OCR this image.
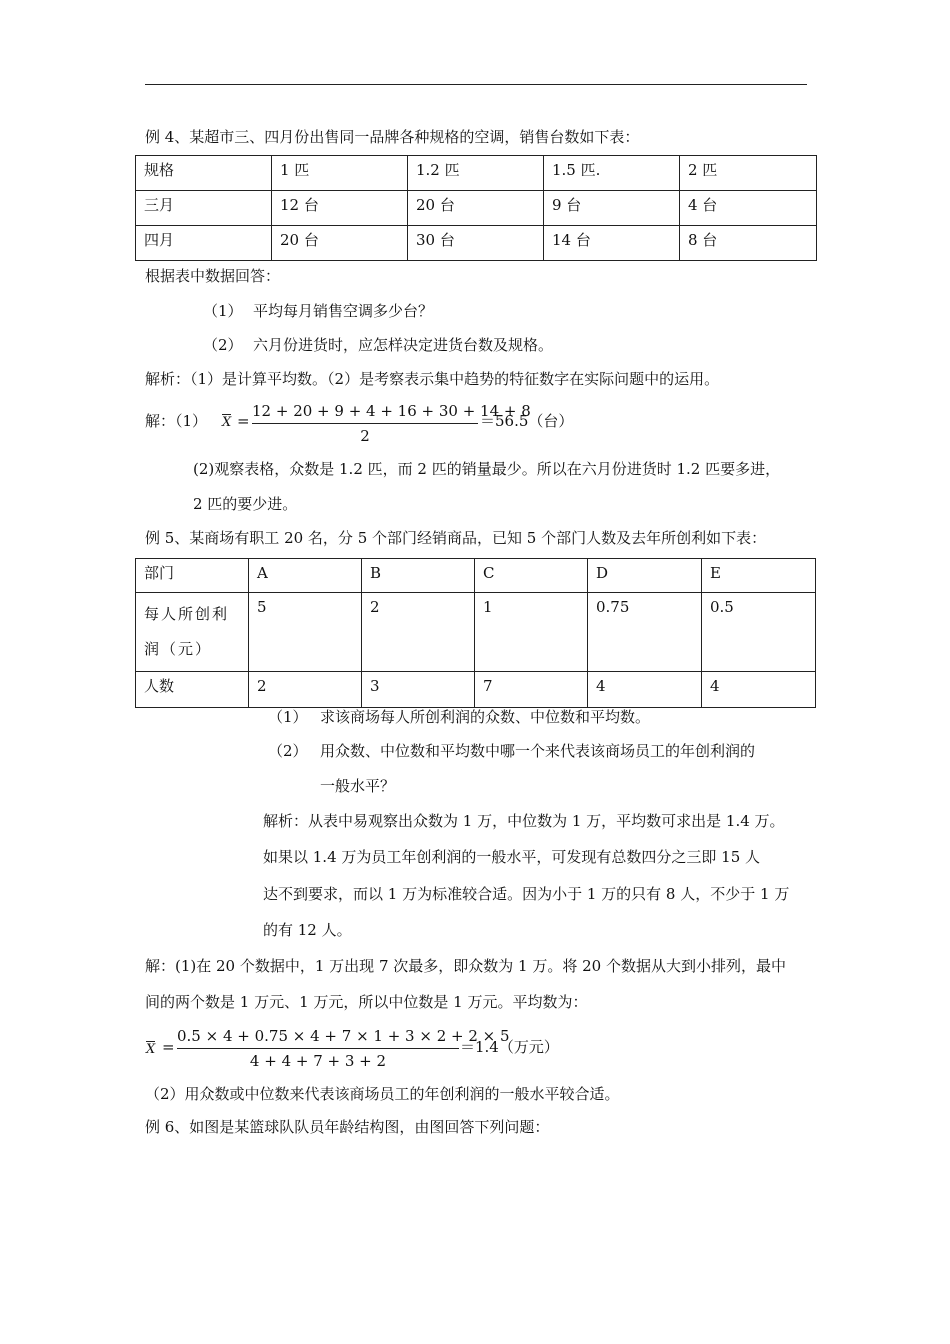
例 4、某超市三、四月份出售同一品牌各种规格的空调，销售台数如下表：
规格	1 匹	1.2 匹	1.5 匹.	2 匹
三月	12 台	20 台	9 台	4 台
四月	20 台	30 台	14 台	8 台
根据表中数据回答：
（1） 平均每月销售空调多少台？
（2） 六月份进货时，应怎样决定进货台数及规格。
解析：（1）是计算平均数。（2）是考察表示集中趋势的特征数字在实际问题中的运用。
解：（1） X =
12 + 20 + 9 + 4 + 16 + 30 + 14 + 8
2
＝56.5（台）
(2)观察表格，众数是 1.2 匹，而 2 匹的销量最少。所以在六月份进货时 1.2 匹要多进，
2 匹的要少进。
例 5、某商场有职工 20 名，分 5 个部门经销商品，已知 5 个部门人数及去年所创利如下表：
部门	A	B	C	D	E

每人所创利
润（元）	5	2	1	0.75	0.5
人数	2	3	7	4	4
（1） 求该商场每人所创利润的众数、中位数和平均数。
（2） 用众数、中位数和平均数中哪一个来代表该商场员工的年创利润的
一般水平？
解析：从表中易观察出众数为 1 万，中位数为 1 万，平均数可求出是 1.4 万。
如果以 1.4 万为员工年创利润的一般水平，可发现有总数四分之三即 15 人
达不到要求，而以 1 万为标准较合适。因为小于 1 万的只有 8 人，不少于 1 万
的有 12 人。
解：(1)在 20 个数据中，1 万出现 7 次最多，即众数为 1 万。将 20 个数据从大到小排列，最中
间的两个数是 1 万元、1 万元，所以中位数是 1 万元。平均数为：
X =
0.5 × 4 + 0.75 × 4 + 7 × 1 + 3 × 2 + 2 × 5
4 + 4 + 7 + 3 + 2
＝1.4（万元）
（2）用众数或中位数来代表该商场员工的年创利润的一般水平较合适。
例 6、如图是某篮球队队员年龄结构图，由图回答下列问题：
